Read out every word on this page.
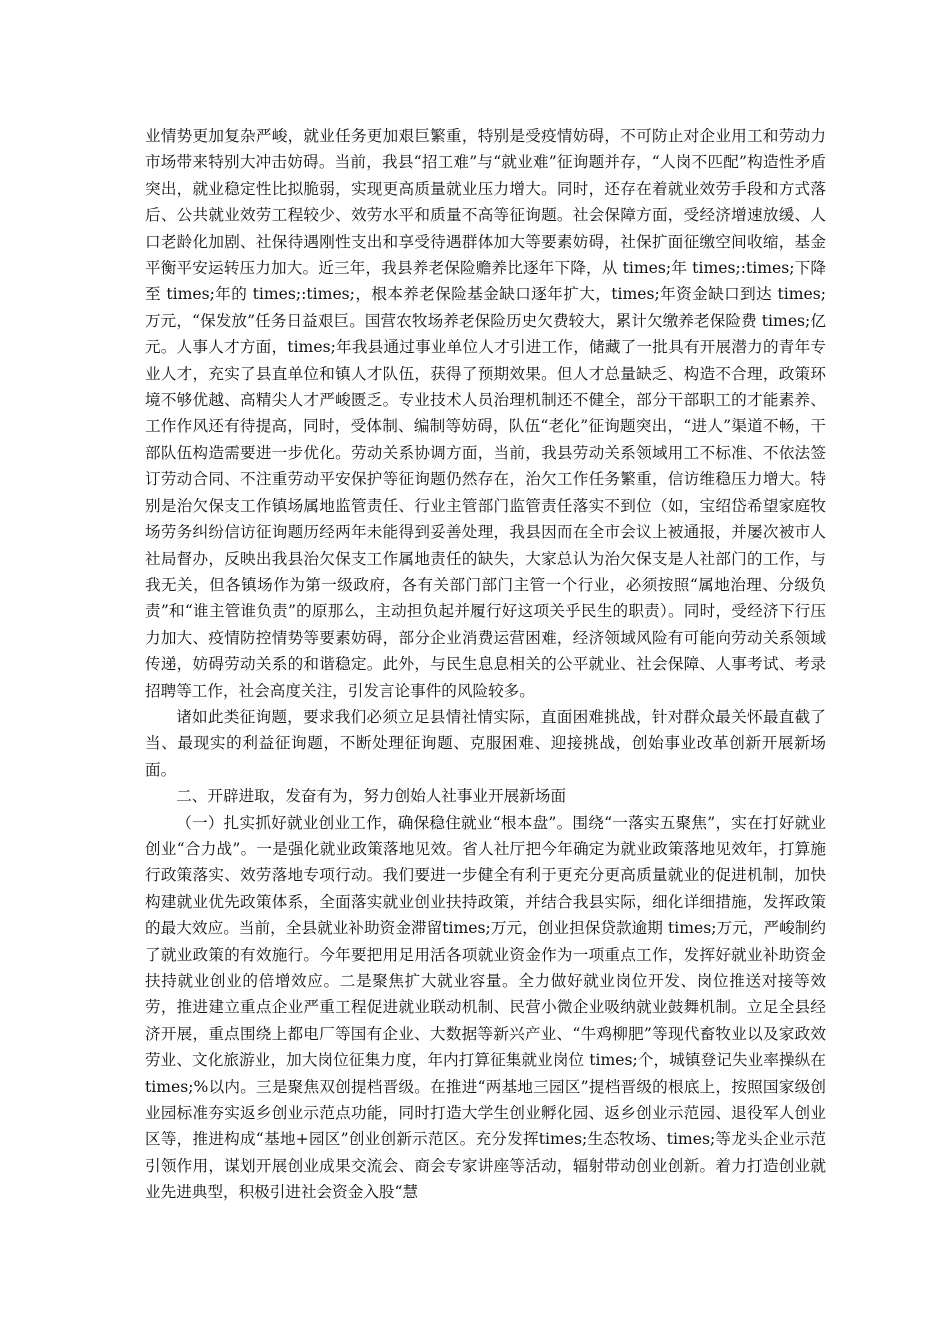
业情势更加复杂严峻，就业任务更加艰巨繁重，特别是受疫情妨碍，不可防止对企业用工和劳动力市场带来特别大冲击妨碍。当前，我县“招工难”与“就业难”征询题并存，“人岗不匹配”构造性矛盾突出，就业稳定性比拟脆弱，实现更高质量就业压力增大。同时，还存在着就业效劳手段和方式落后、公共就业效劳工程较少、效劳水平和质量不高等征询题。社会保障方面，受经济增速放缓、人口老龄化加剧、社保待遇刚性支出和享受待遇群体加大等要素妨碍，社保扩面征缴空间收缩，基金平衡平安运转压力加大。近三年，我县养老保险赡养比逐年下降，从 times;年 times;:times;下降至 times;年的 times;:times;，根本养老保险基金缺口逐年扩大，times;年资金缺口到达 times;万元，“保发放”任务日益艰巨。国营农牧场养老保险历史欠费较大，累计欠缴养老保险费 times;亿元。人事人才方面，times;年我县通过事业单位人才引进工作，储藏了一批具有开展潜力的青年专业人才，充实了县直单位和镇人才队伍，获得了预期效果。但人才总量缺乏、构造不合理，政策环境不够优越、高精尖人才严峻匮乏。专业技术人员治理机制还不健全，部分干部职工的才能素养、工作作风还有待提高，同时，受体制、编制等妨碍，队伍“老化”征询题突出，“进人”渠道不畅，干部队伍构造需要进一步优化。劳动关系协调方面，当前，我县劳动关系领域用工不标准、不依法签订劳动合同、不注重劳动平安保护等征询题仍然存在，治欠工作任务繁重，信访维稳压力增大。特别是治欠保支工作镇场属地监管责任、行业主管部门监管责任落实不到位（如，宝绍岱希望家庭牧场劳务纠纷信访征询题历经两年未能得到妥善处理，我县因而在全市会议上被通报，并屡次被市人社局督办，反映出我县治欠保支工作属地责任的缺失，大家总认为治欠保支是人社部门的工作，与我无关，但各镇场作为第一级政府，各有关部门部门主管一个行业，必须按照“属地治理、分级负责”和“谁主管谁负责”的原那么，主动担负起并履行好这项关乎民生的职责）。同时，受经济下行压力加大、疫情防控情势等要素妨碍，部分企业消费运营困难，经济领域风险有可能向劳动关系领域传递，妨碍劳动关系的和谐稳定。此外，与民生息息相关的公平就业、社会保障、人事考试、考录招聘等工作，社会高度关注，引发言论事件的风险较多。

诸如此类征询题，要求我们必须立足县情社情实际，直面困难挑战，针对群众最关怀最直截了当、最现实的利益征询题，不断处理征询题、克服困难、迎接挑战，创始事业改革创新开展新场面。

二、开辟进取，发奋有为，努力创始人社事业开展新场面

（一）扎实抓好就业创业工作，确保稳住就业“根本盘”。围绕“一落实五聚焦”，实在打好就业创业“合力战”。一是强化就业政策落地见效。省人社厅把今年确定为就业政策落地见效年，打算施行政策落实、效劳落地专项行动。我们要进一步健全有利于更充分更高质量就业的促进机制，加快构建就业优先政策体系，全面落实就业创业扶持政策，并结合我县实际，细化详细措施，发挥政策的最大效应。当前，全县就业补助资金滞留times;万元，创业担保贷款逾期 times;万元，严峻制约了就业政策的有效施行。今年要把用足用活各项就业资金作为一项重点工作，发挥好就业补助资金扶持就业创业的倍增效应。二是聚焦扩大就业容量。全力做好就业岗位开发、岗位推送对接等效劳，推进建立重点企业严重工程促进就业联动机制、民营小微企业吸纳就业鼓舞机制。立足全县经济开展，重点围绕上都电厂等国有企业、大数据等新兴产业、“牛鸡柳肥”等现代畜牧业以及家政效劳业、文化旅游业，加大岗位征集力度，年内打算征集就业岗位 times;个，城镇登记失业率操纵在 times;%以内。三是聚焦双创提档晋级。在推进“两基地三园区”提档晋级的根底上，按照国家级创业园标准夯实返乡创业示范点功能，同时打造大学生创业孵化园、返乡创业示范园、退役军人创业区等，推进构成“基地+园区”创业创新示范区。充分发挥times;生态牧场、times;等龙头企业示范引领作用，谋划开展创业成果交流会、商会专家讲座等活动，辐射带动创业创新。着力打造创业就业先进典型，积极引进社会资金入股“慧
